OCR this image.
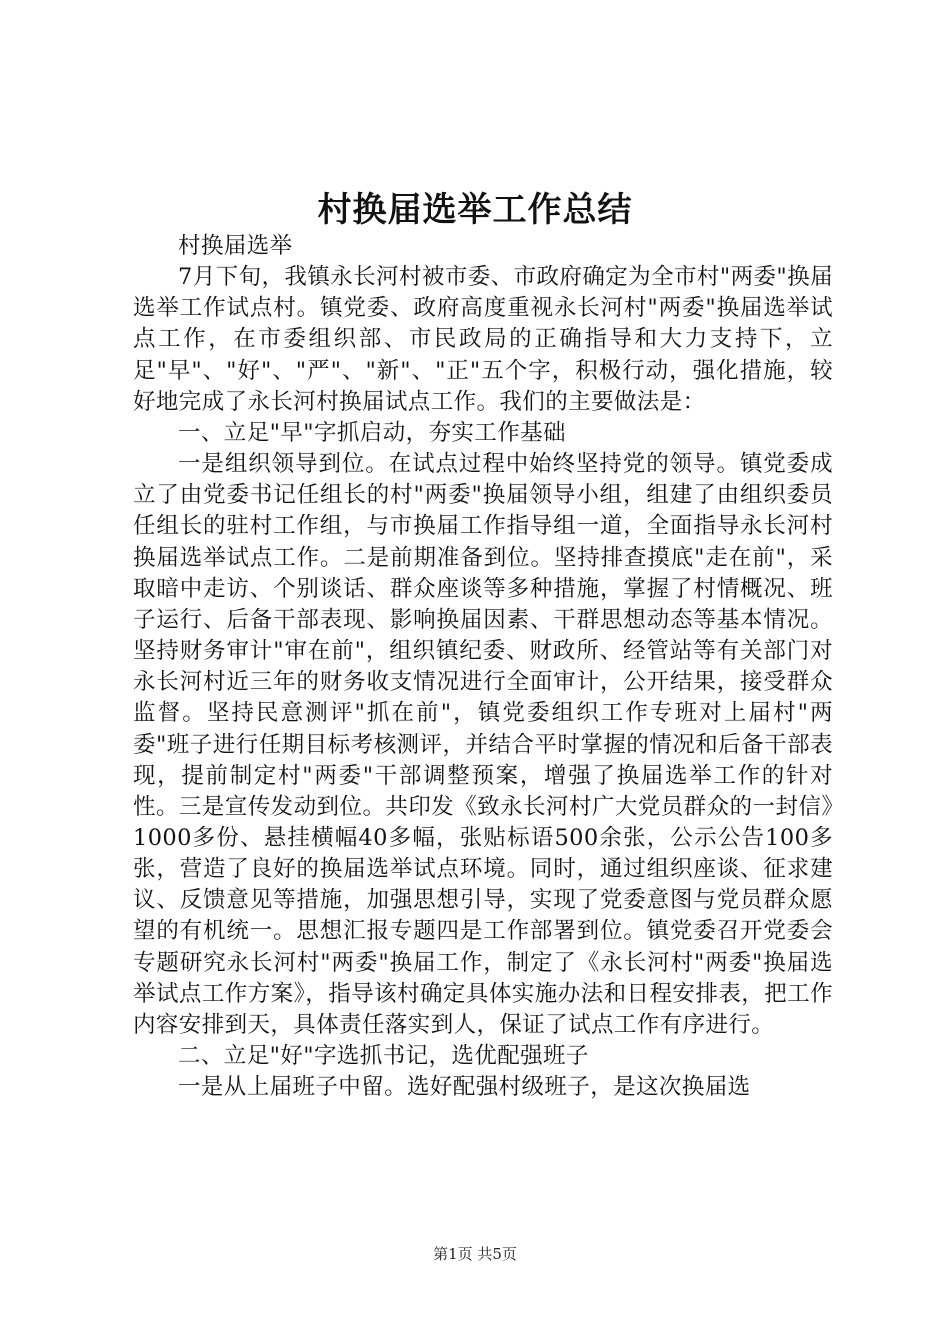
村换届选举工作总结

村换届选举

7月下旬，我镇永长河村被市委、市政府确定为全市村"两委"换届选举工作试点村。镇党委、政府高度重视永长河村"两委"换届选举试点工作，在市委组织部、市民政局的正确指导和大力支持下，立足"早"、"好"、"严"、"新"、"正"五个字，积极行动，强化措施，较好地完成了永长河村换届试点工作。我们的主要做法是：

一、立足"早"字抓启动，夯实工作基础

一是组织领导到位。在试点过程中始终坚持党的领导。镇党委成立了由党委书记任组长的村"两委"换届领导小组，组建了由组织委员任组长的驻村工作组，与市换届工作指导组一道，全面指导永长河村换届选举试点工作。二是前期准备到位。坚持排查摸底"走在前"，采取暗中走访、个别谈话、群众座谈等多种措施，掌握了村情概况、班子运行、后备干部表现、影响换届因素、干群思想动态等基本情况。坚持财务审计"审在前"，组织镇纪委、财政所、经管站等有关部门对永长河村近三年的财务收支情况进行全面审计，公开结果，接受群众监督。坚持民意测评"抓在前"，镇党委组织工作专班对上届村"两委"班子进行任期目标考核测评，并结合平时掌握的情况和后备干部表现，提前制定村"两委"干部调整预案，增强了换届选举工作的针对性。三是宣传发动到位。共印发《致永长河村广大党员群众的一封信》1000多份、悬挂横幅40多幅，张贴标语500余张，公示公告100多张，营造了良好的换届选举试点环境。同时，通过组织座谈、征求建议、反馈意见等措施，加强思想引导，实现了党委意图与党员群众愿望的有机统一。思想汇报专题四是工作部署到位。镇党委召开党委会专题研究永长河村"两委"换届工作，制定了《永长河村"两委"换届选举试点工作方案》，指导该村确定具体实施办法和日程安排表，把工作内容安排到天，具体责任落实到人，保证了试点工作有序进行。

二、立足"好"字选抓书记，选优配强班子

一是从上届班子中留。选好配强村级班子，是这次换届选

第1页 共5页
